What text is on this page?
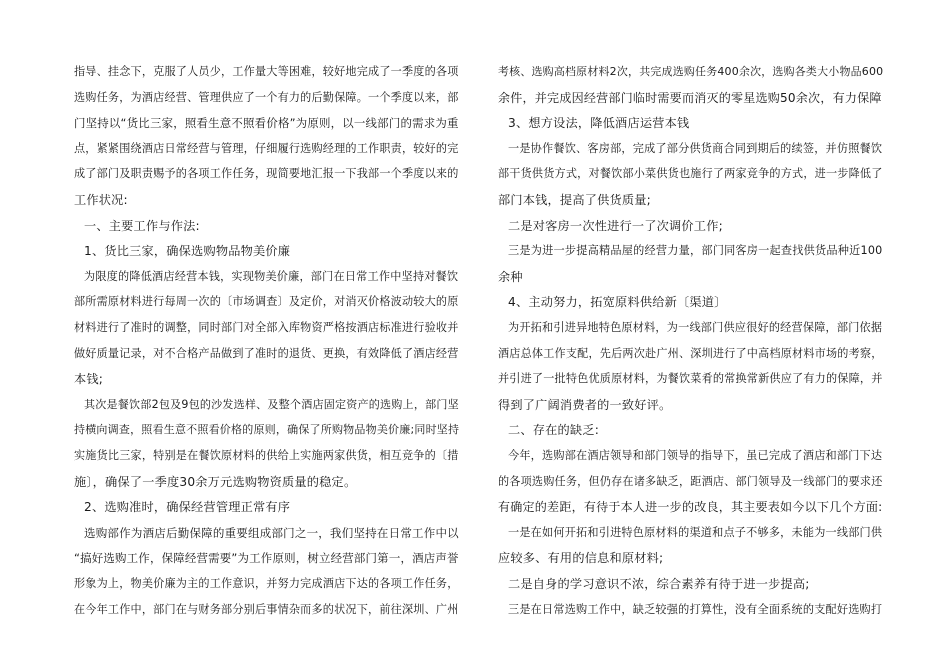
指导、挂念下，克服了人员少，工作量大等困难，较好地完成了一季度的各项
选购任务，为酒店经营、管理供应了一个有力的后勤保障。一个季度以来，部
门坚持以“货比三家，照看生意不照看价格”为原则，以一线部门的需求为重
点，紧紧围绕酒店日常经营与管理，仔细履行选购经理的工作职责，较好的完
成了部门及职责赐予的各项工作任务，现简要地汇报一下我部一个季度以来的
工作状况:
一、主要工作与作法:
1、货比三家，确保选购物品物美价廉
为限度的降低酒店经营本钱，实现物美价廉，部门在日常工作中坚持对餐饮
部所需原材料进行每周一次的〔市场调查〕及定价，对消灭价格波动较大的原
材料进行了准时的调整，同时部门对全部入库物资严格按酒店标准进行验收并
做好质量记录，对不合格产品做到了准时的退货、更换，有效降低了酒店经营
本钱;
其次是餐饮部2包及9包的沙发选样、及整个酒店固定资产的选购上，部门坚
持横向调查，照看生意不照看价格的原则，确保了所购物品物美价廉;同时坚持
实施货比三家，特别是在餐饮原材料的供给上实施两家供货，相互竞争的〔措
施〕，确保了一季度30余万元选购物资质量的稳定。
2、选购准时，确保经营管理正常有序
选购部作为酒店后勤保障的重要组成部门之一，我们坚持在日常工作中以
“搞好选购工作，保障经营需要”为工作原则，树立经营部门第一，酒店声誉
形象为上，物美价廉为主的工作意识，并努力完成酒店下达的各项工作任务，
在今年工作中，部门在与财务部分别后事情杂而多的状况下，前往深圳、广州
考核、选购高档原材料2次，共完成选购任务400余次，选购各类大小物品600
余件，并完成因经营部门临时需要而消灭的零星选购50余次，有力保障
3、想方设法，降低酒店运营本钱
一是协作餐饮、客房部，完成了部分供货商合同到期后的续签，并仿照餐饮
部干货供货方式，对餐饮部小菜供货也施行了两家竞争的方式，进一步降低了
部门本钱，提高了供货质量;
二是对客房一次性进行一了次调价工作;
三是为进一步提高精品屋的经营力量，部门同客房一起查找供货品种近100
余种
4、主动努力，拓宽原料供给新〔渠道〕
为开拓和引进异地特色原材料，为一线部门供应很好的经营保障，部门依据
酒店总体工作支配，先后两次赴广州、深圳进行了中高档原材料市场的考察，
并引进了一批特色优质原材料，为餐饮菜肴的常换常新供应了有力的保障，并
得到了广阔消费者的一致好评。
二、存在的缺乏:
今年，选购部在酒店领导和部门领导的指导下，虽已完成了酒店和部门下达
的各项选购任务，但仍存在诸多缺乏，距酒店、部门领导及一线部门的要求还
有确定的差距，有待于本人进一步的改良，其主要表如今以下几个方面:
一是在如何开拓和引进特色原材料的渠道和点子不够多，未能为一线部门供
应较多、有用的信息和原材料;
二是自身的学习意识不浓，综合素养有待于进一步提高;
三是在日常选购工作中，缺乏较强的打算性，没有全面系统的支配好选购打
